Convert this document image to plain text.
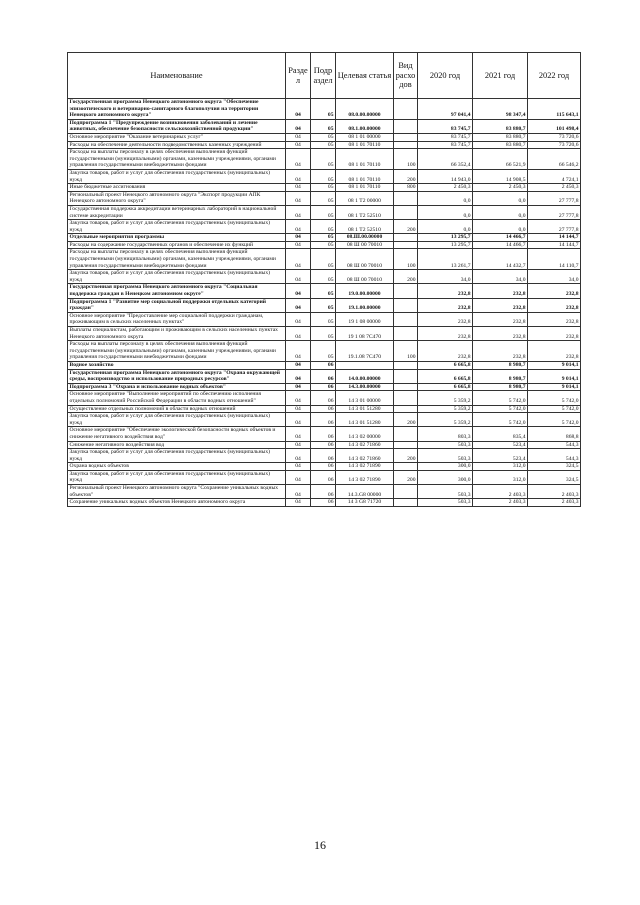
Наименование	Разде л	Подр аздел	Целевая статья	Вид расхо дов	2020 год	2021 год	2022 год
Государственная программа Ненецкого автономного округа "Обеспечение эпизоотического и ветеринарно-санитарного благополучия на территории Ненецкого автономного округа"	04	05	08.0.00.00000		97 041,4	98 347,4	115 643,1
Подпрограмма 1 "Предупреждение возникновения заболеваний и лечение животных, обеспечение безопасности сельскохозяйственной продукции"	04	05	08.1.00.00000		83 745,7	83 880,7	101 498,4
Основное мероприятие "Оказание ветеринарных услуг"	04	05	08 1 01 00000		83 745,7	83 880,7	73 720,6
Расходы на обеспечение деятельности подведомственных казенных учреждений	04	05	08 1 01 70110		83 745,7	83 880,7	73 720,6
Расходы на выплаты персоналу в целях обеспечения выполнения функций государственными (муниципальными) органами, казенными учреждениями, органами управления государственными внебюджетными фондами	04	05	08 1 01 70110	100	66 352,4	66 521,9	66 546,2
Закупка товаров, работ и услуг для обеспечения государственных (муниципальных) нужд	04	05	08 1 01 70110	200	14 943,0	14 908,5	4 724,1
Иные бюджетные ассигнования	04	05	08 1 01 70110	800	2 450,3	2 450,3	2 450,3
Региональный проект Ненецкого автономного округа "Экспорт продукции АПК Ненецкого автономного округа"	04	05	08 1 Т2 00000		0,0	0,0	27 777,8
Государственная поддержка аккредитации ветеринарных лабораторий в национальной системе аккредитации	04	05	08 1 Т2 52510		0,0	0,0	27 777,8
Закупка товаров, работ и услуг для обеспечения государственных (муниципальных) нужд	04	05	08 1 Т2 52510	200	0,0	0,0	27 777,8
Отдельные мероприятия программы	04	05	08.Ш.00.00000		13 295,7	14 466,7	14 144,7
Расходы на содержание государственных органов и обеспечение их функций	04	05	08 Ш 00 70010		13 295,7	14 466,7	14 144,7
Расходы на выплаты персоналу в целях обеспечения выполнения функций государственными (муниципальными) органами, казенными учреждениями, органами управления государственными внебюджетными фондами	04	05	08 Ш 00 70010	100	13 261,7	14 432,7	14 110,7
Закупка товаров, работ и услуг для обеспечения государственных (муниципальных) нужд	04	05	08 Ш 00 70010	200	34,0	34,0	34,0
Государственная программа Ненецкого автономного округа "Социальная поддержка граждан в Ненецком автономном округе"	04	05	19.0.00.00000		232,8	232,8	232,8
Подпрограмма 1 "Развитие мер социальной поддержки отдельных категорий граждан"	04	05	19.1.00.00000		232,8	232,8	232,8
Основное мероприятие "Предоставление мер социальной поддержки гражданам, проживающим в сельских населенных пунктах"	04	05	19 1 08 00000		232,8	232,8	232,8
Выплаты специалистам, работающим и проживающим в сельских населенных пунктах Ненецкого автономного округа	04	05	19 1 08 7С470		232,8	232,8	232,8
Расходы на выплаты персоналу в целях обеспечения выполнения функций государственными (муниципальными) органами, казенными учреждениями, органами управления государственными внебюджетными фондами	04	05	19.1.08 7С470	100	232,8	232,8	232,8
Водное хозяйство	04	06			6 665,8	8 980,7	9 014,1
Государственная программа Ненецкого автономного округа "Охрана окружающей среды, воспроизводство и использование природных ресурсов"	04	06	14.0.00.00000		6 665,8	8 980,7	9 014,1
Подпрограмма 3 "Охрана и использование водных объектов"	04	06	14.3.00.00000		6 665,8	8 980,7	9 014,1
Основное мероприятие "Выполнение мероприятий по обеспечению исполнения отдельных полномочий Российской Федерации в области водных отношений"	04	06	14 3 01 00000		5 359,2	5 742,0	5 742,0
Осуществление отдельных полномочий в области водных отношений	04	06	14 3 01 51280		5 359,2	5 742,0	5 742,0
Закупка товаров, работ и услуг для обеспечения государственных (муниципальных) нужд	04	06	14 3 01 51280	200	5 359,2	5 742,0	5 742,0
Основное мероприятие "Обеспечение экологической безопасности водных объектов и снижение негативного воздействия вод"	04	06	14 3 02 00000		803,3	835,4	868,8
Снижение негативного воздействия вод	04	06	14 3 02 71860		503,3	523,4	544,3
Закупка товаров, работ и услуг для обеспечения государственных (муниципальных) нужд	04	06	14 3 02 71860	200	503,3	523,4	544,3
Охрана водных объектов	04	06	14 3 02 71890		300,0	312,0	324,5
Закупка товаров, работ и услуг для обеспечения государственных (муниципальных) нужд	04	06	14 3 02 71890	200	300,0	312,0	324,5
Региональный проект Ненецкого автономного округа "Сохранение уникальных водных объектов"	04	06	14.3.G8 00000		503,3	2 403,3	2 403,3
Сохранение уникальных водных объектов Ненецкого автономного округа	04	06	14 3 G8 71720		503,3	2 403,3	2 403,3
16
